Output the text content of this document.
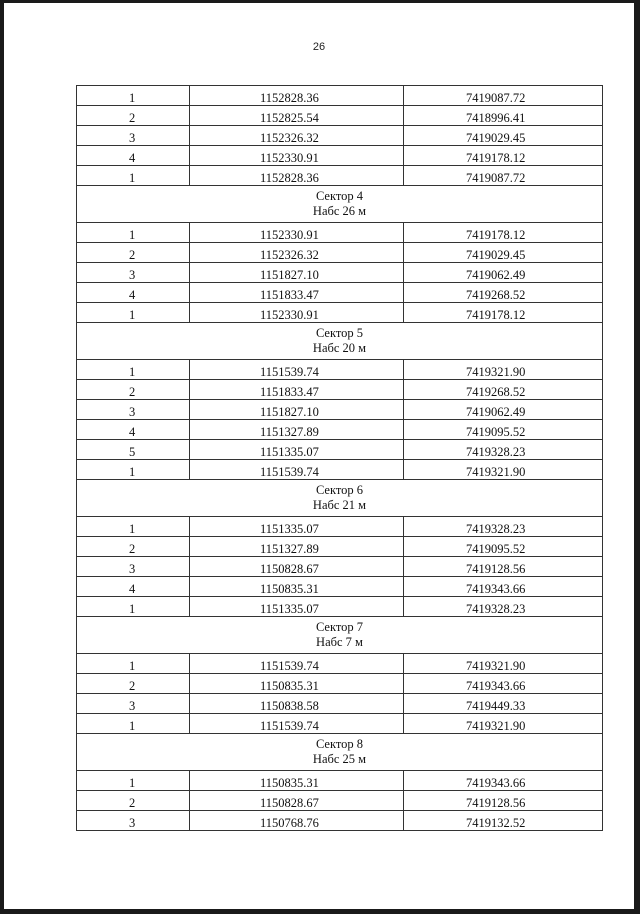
26
1	1152828.36	7419087.72
2	1152825.54	7418996.41
3	1152326.32	7419029.45
4	1152330.91	7419178.12
1	1152828.36	7419087.72

Сектор 4
Набс 26 м		

1	1152330.91	7419178.12
2	1152326.32	7419029.45
3	1151827.10	7419062.49
4	1151833.47	7419268.52
1	1152330.91	7419178.12

Сектор 5
Набс 20 м		

1	1151539.74	7419321.90
2	1151833.47	7419268.52
3	1151827.10	7419062.49
4	1151327.89	7419095.52
5	1151335.07	7419328.23
1	1151539.74	7419321.90

Сектор 6
Набс 21 м		

1	1151335.07	7419328.23
2	1151327.89	7419095.52
3	1150828.67	7419128.56
4	1150835.31	7419343.66
1	1151335.07	7419328.23

Сектор 7
Набс 7 м		

1	1151539.74	7419321.90
2	1150835.31	7419343.66
3	1150838.58	7419449.33
1	1151539.74	7419321.90

Сектор 8
Набс 25 м		

1	1150835.31	7419343.66
2	1150828.67	7419128.56
3	1150768.76	7419132.52
